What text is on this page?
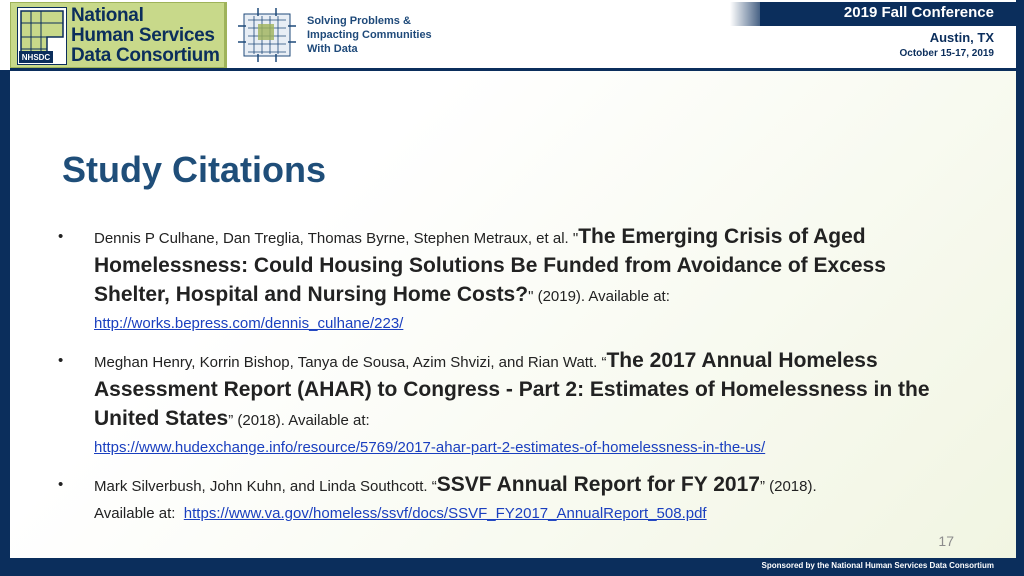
NHSDC
National
Human Services
Data Consortium
Solving Problems &
Impacting Communities
With Data
2019 Fall Conference
Austin, TX
October 15-17, 2019
Study Citations
• Dennis P Culhane, Dan Treglia, Thomas Byrne, Stephen Metraux, et al. "The Emerging Crisis of Aged Homelessness: Could Housing Solutions Be Funded from Avoidance of Excess Shelter, Hospital and Nursing Home Costs?" (2019). Available at:
http://works.bepress.com/dennis_culhane/223/
• Meghan Henry, Korrin Bishop, Tanya de Sousa, Azim Shvizi, and Rian Watt. “The 2017 Annual Homeless Assessment Report (AHAR) to Congress - Part 2: Estimates of Homelessness in the United States” (2018). Available at:
https://www.hudexchange.info/resource/5769/2017-ahar-part-2-estimates-of-homelessness-in-the-us/
• Mark Silverbush, John Kuhn, and Linda Southcott. “SSVF Annual Report for FY 2017” (2018).
Available at: https://www.va.gov/homeless/ssvf/docs/SSVF_FY2017_AnnualReport_508.pdf
17
Sponsored by the National Human Services Data Consortium
